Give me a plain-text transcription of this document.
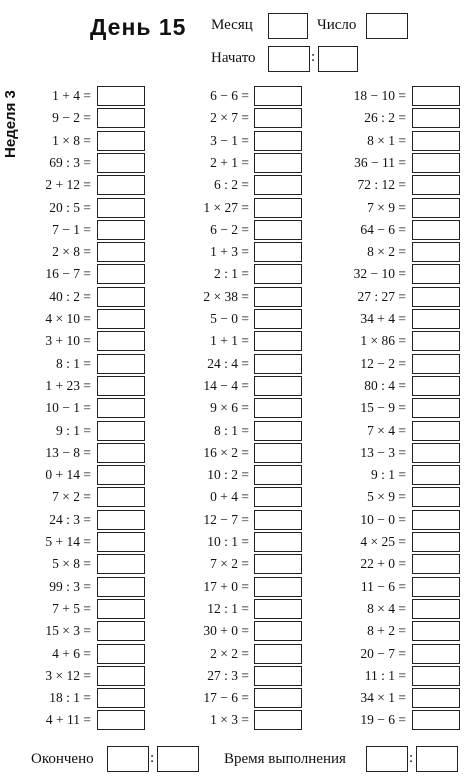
День 15 Месяц	Число
Начато	:
Неделя 3 1 + 4 =
9 − 2 =
1 × 8 =
69 : 3 =
2 + 12 =
20 : 5 =
7 − 1 =
2 × 8 =
16 − 7 =
40 : 2 =
4 × 10 =
3 + 10 =
8 : 1 =
1 + 23 =
10 − 1 =
9 : 1 =
13 − 8 =
0 + 14 =
7 × 2 =
24 : 3 =
5 + 14 =
5 × 8 =
99 : 3 =
7 + 5 =
15 × 3 =
4 + 6 =
3 × 12 =
18 : 1 =
4 + 11 =
6 − 6 =
2 × 7 =
3 − 1 =
2 + 1 =
6 : 2 =
1 × 27 =
6 − 2 =
1 + 3 =
2 : 1 =
2 × 38 =
5 − 0 =
1 + 1 =
24 : 4 =
14 − 4 =
9 × 6 =
8 : 1 =
16 × 2 =
10 : 2 =
0 + 4 =
12 − 7 =
10 : 1 =
7 × 2 =
17 + 0 =
12 : 1 =
30 + 0 =
2 × 2 =
27 : 3 =
17 − 6 =
1 × 3 =
18 − 10 =
26 : 2 =
8 × 1 =
36 − 11 =
72 : 12 =
7 × 9 =
64 − 6 =
8 × 2 =
32 − 10 =
27 : 27 =
34 + 4 =
1 × 86 =
12 − 2 =
80 : 4 =
15 − 9 =
7 × 4 =
13 − 3 =
9 : 1 =
5 × 9 =
10 − 0 =
4 × 25 =
22 + 0 =
11 − 6 =
8 × 4 =
8 + 2 =
20 − 7 =
11 : 1 =
34 × 1 =
19 − 6 =
Окончено	:	Время выполнения	:
